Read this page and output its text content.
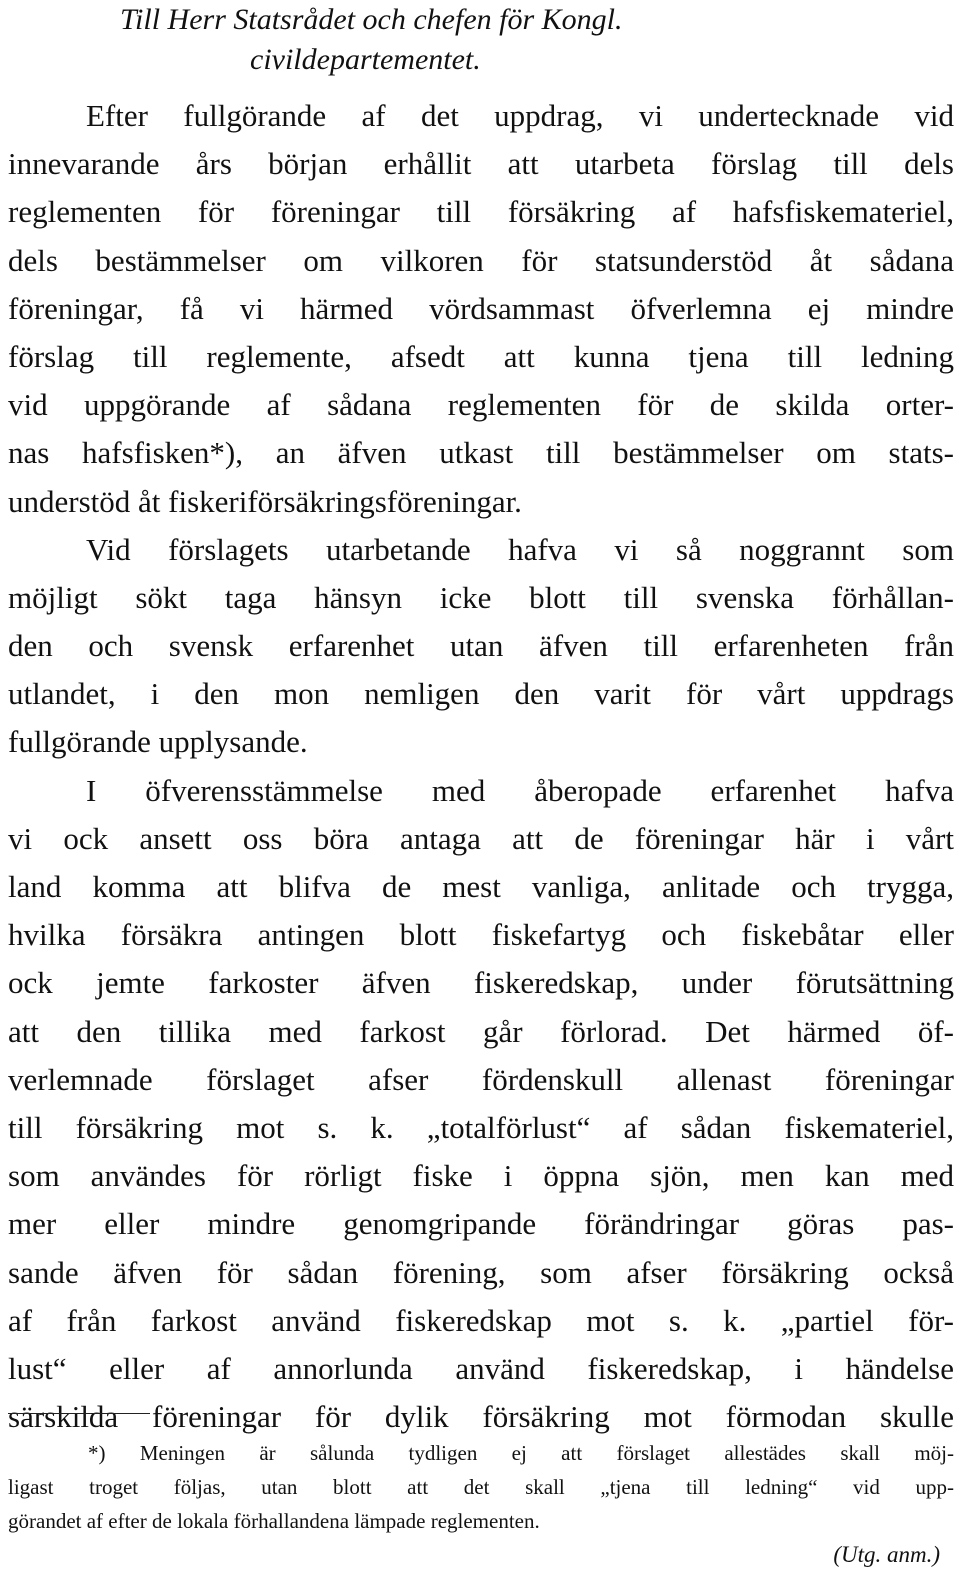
Till Herr Statsrådet och chefen för Kongl.
civildepartementet.
Efter fullgörande af det uppdrag, vi undertecknade vid
innevarande års början erhållit att utarbeta förslag till dels
reglementen för föreningar till försäkring af hafsfiskemateriel,
dels bestämmelser om vilkoren för statsunderstöd åt sådana
föreningar, få vi härmed vördsammast öfverlemna ej mindre
förslag till reglemente, afsedt att kunna tjena till ledning
vid uppgörande af sådana reglementen för de skilda orter-
nas hafsfisken*), an äfven utkast till bestämmelser om stats-
understöd åt fiskeriförsäkringsföreningar.
Vid förslagets utarbetande hafva vi så noggrannt som
möjligt sökt taga hänsyn icke blott till svenska förhållan-
den och svensk erfarenhet utan äfven till erfarenheten från
utlandet, i den mon nemligen den varit för vårt uppdrags
fullgörande upplysande.
I öfverensstämmelse med åberopade erfarenhet hafva
vi ock ansett oss böra antaga att de föreningar här i vårt
land komma att blifva de mest vanliga, anlitade och trygga,
hvilka försäkra antingen blott fiskefartyg och fiskebåtar eller
ock jemte farkoster äfven fiskeredskap, under förutsättning
att den tillika med farkost går förlorad. Det härmed öf-
verlemnade förslaget afser fördenskull allenast föreningar
till försäkring mot s. k. „totalförlust“ af sådan fiskemateriel,
som användes för rörligt fiske i öppna sjön, men kan med
mer eller mindre genomgripande förändringar göras pas-
sande äfven för sådan förening, som afser försäkring också
af från farkost använd fiskeredskap mot s. k. „partiel för-
lust“ eller af annorlunda använd fiskeredskap, i händelse
särskilda föreningar för dylik försäkring mot förmodan skulle
*) Meningen är sålunda tydligen ej att förslaget allestädes skall möj-
ligast troget följas, utan blott att det skall „tjena till ledning“ vid upp-
görandet af efter de lokala förhallandena lämpade reglementen.
(Utg. anm.)
